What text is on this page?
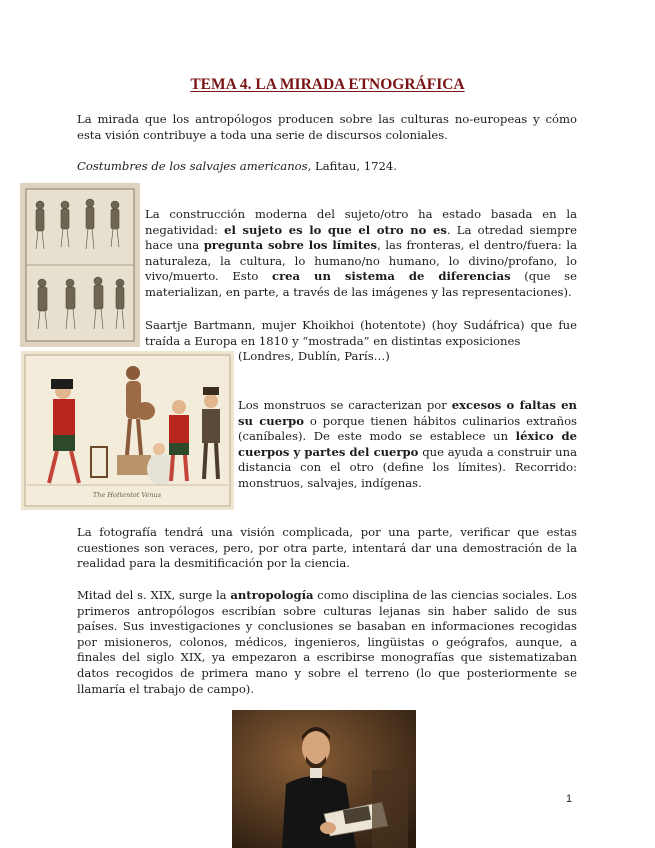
TEMA 4. LA MIRADA ETNOGRÁFICA

La mirada que los antropólogos producen sobre las culturas no-europeas y cómo esta visión contribuye a toda una serie de discursos coloniales.

Costumbres de los salvajes americanos, Lafitau, 1724.

La construcción moderna del sujeto/otro ha estado basada en la negatividad: el sujeto es lo que el otro no es. La otredad siempre hace una pregunta sobre los límites, las fronteras, el dentro/fuera: la naturaleza, la cultura, lo humano/no humano, lo divino/profano, lo vivo/muerto. Esto crea un sistema de diferencias (que se materializan, en parte, a través de las imágenes y las representaciones).

Saartje Bartmann, mujer Khoikhoi (hotentote) (hoy Sudáfrica) que fue traída a Europa en 1810 y “mostrada” en distintas exposiciones

(Londres, Dublín, París…)

The Hottentot Venus

Los monstruos se caracterizan por excesos o faltas en su cuerpo o porque tienen hábitos culinarios extraños (caníbales). De este modo se establece un léxico de cuerpos y partes del cuerpo que ayuda a construir una distancia con el otro (define los límites). Recorrido: monstruos, salvajes, indígenas.

La fotografía tendrá una visión complicada, por una parte, verificar que estas cuestiones son veraces, pero, por otra parte, intentará dar una demostración de la realidad para la desmitificación por la ciencia.

Mitad del s. XIX, surge la antropología como disciplina de las ciencias sociales. Los primeros antropólogos escribían sobre culturas lejanas sin haber salido de sus países. Sus investigaciones y conclusiones se basaban en informaciones recogidas por misioneros, colonos, médicos, ingenieros, lingüistas o geógrafos, aunque, a finales del siglo XIX, ya empezaron a escribirse monografías que sistematizaban datos recogidos de primera mano y sobre el terreno (lo que posteriormente se llamaría el trabajo de campo).

1
